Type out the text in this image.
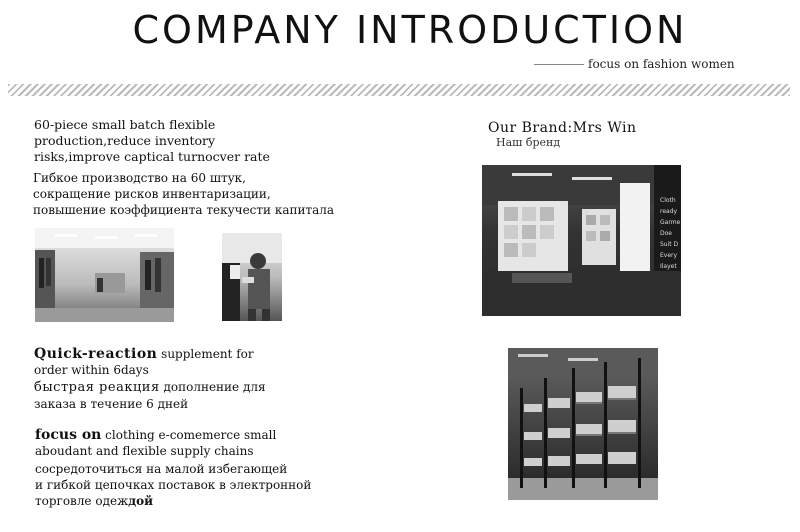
COMPANY INTRODUCTION
focus on fashion women
60-piece small batch flexible
production,reduce inventory
risks,improve captical turnocver rate
Гибкое производство на 60 штук,
сокращение рисков инвентаризации,
повышение коэффициента текучести капитала
Our Brand:Mrs Win
Наш бренд
Cloth
ready
Garme
Doe
Suit D
Every
Ilayet
Quick-reaction supplement for
order within 6days
быстрая реакция дополнение для
заказа в течение 6 дней
focus on clothing e-comemerce small
aboudant and flexible supply chains
сосредоточиться на малой избегающей
и гибкой цепочках поставок в электронной
торговле одеждой
